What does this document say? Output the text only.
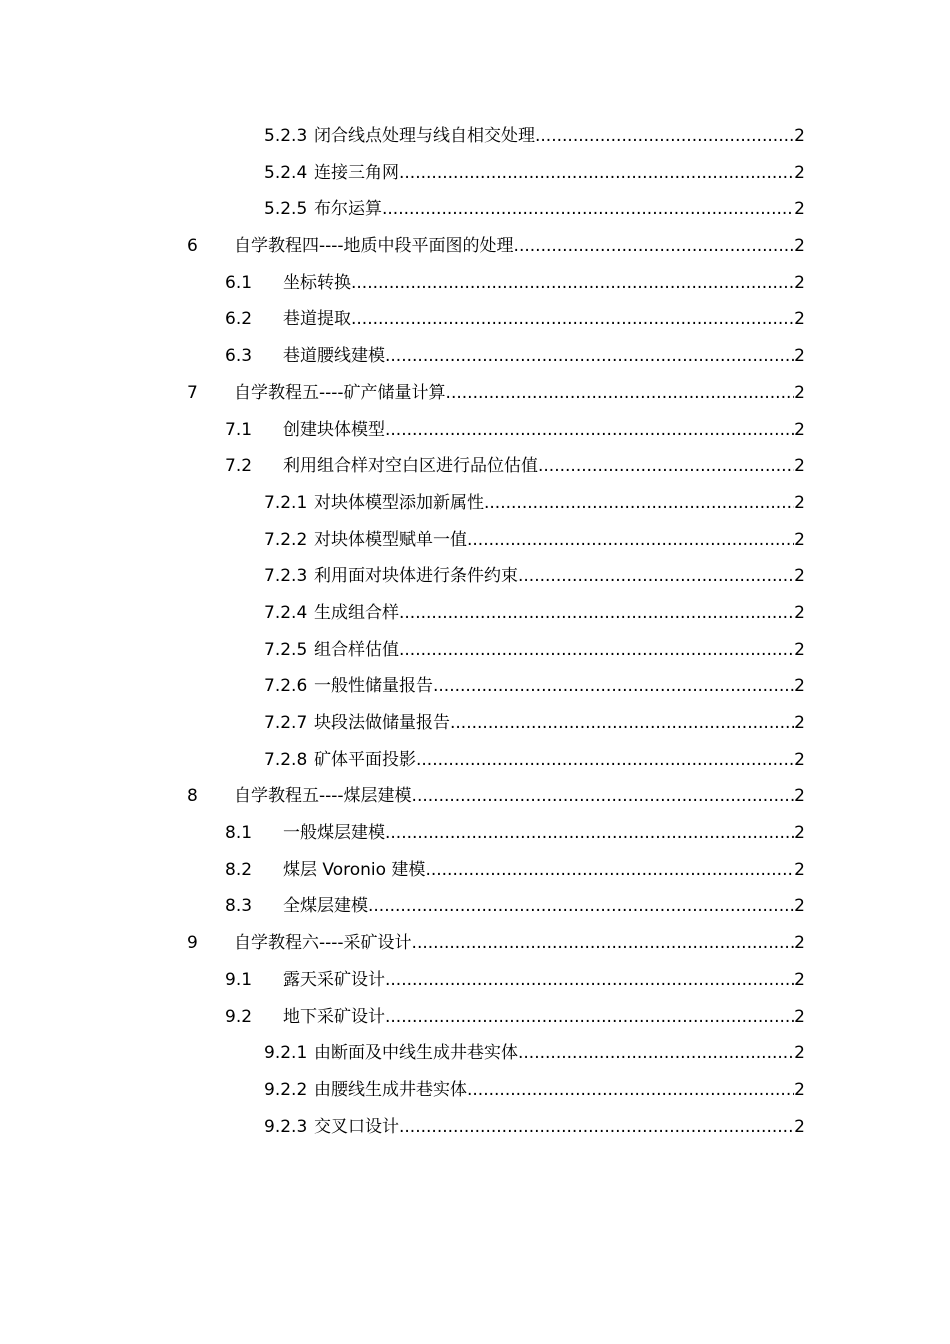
5.2.3 闭合线点处理与线自相交处理 .....	2
5.2.4 连接三角网 .....	2
5.2.5 布尔运算 .....	2
6 自学教程四----地质中段平面图的处理 .....	2
6.1 坐标转换 .....	2
6.2 巷道提取 .....	2
6.3 巷道腰线建模 .....	2
7 自学教程五----矿产储量计算 .....	2
7.1 创建块体模型 .....	2
7.2 利用组合样对空白区进行品位估值 .....	2
7.2.1 对块体模型添加新属性 .....	2
7.2.2 对块体模型赋单一值 .....	2
7.2.3 利用面对块体进行条件约束 .....	2
7.2.4 生成组合样 .....	2
7.2.5 组合样估值 .....	2
7.2.6 一般性储量报告 .....	2
7.2.7 块段法做储量报告 .....	2
7.2.8 矿体平面投影 .....	2
8 自学教程五----煤层建模 .....	2
8.1 一般煤层建模 .....	2
8.2 煤层 Voronio 建模 .....	2
8.3 全煤层建模 .....	2
9 自学教程六----采矿设计 .....	2
9.1 露天采矿设计 .....	2
9.2 地下采矿设计 .....	2
9.2.1 由断面及中线生成井巷实体 .....	2
9.2.2 由腰线生成井巷实体 .....	2
9.2.3 交叉口设计 .....	2
